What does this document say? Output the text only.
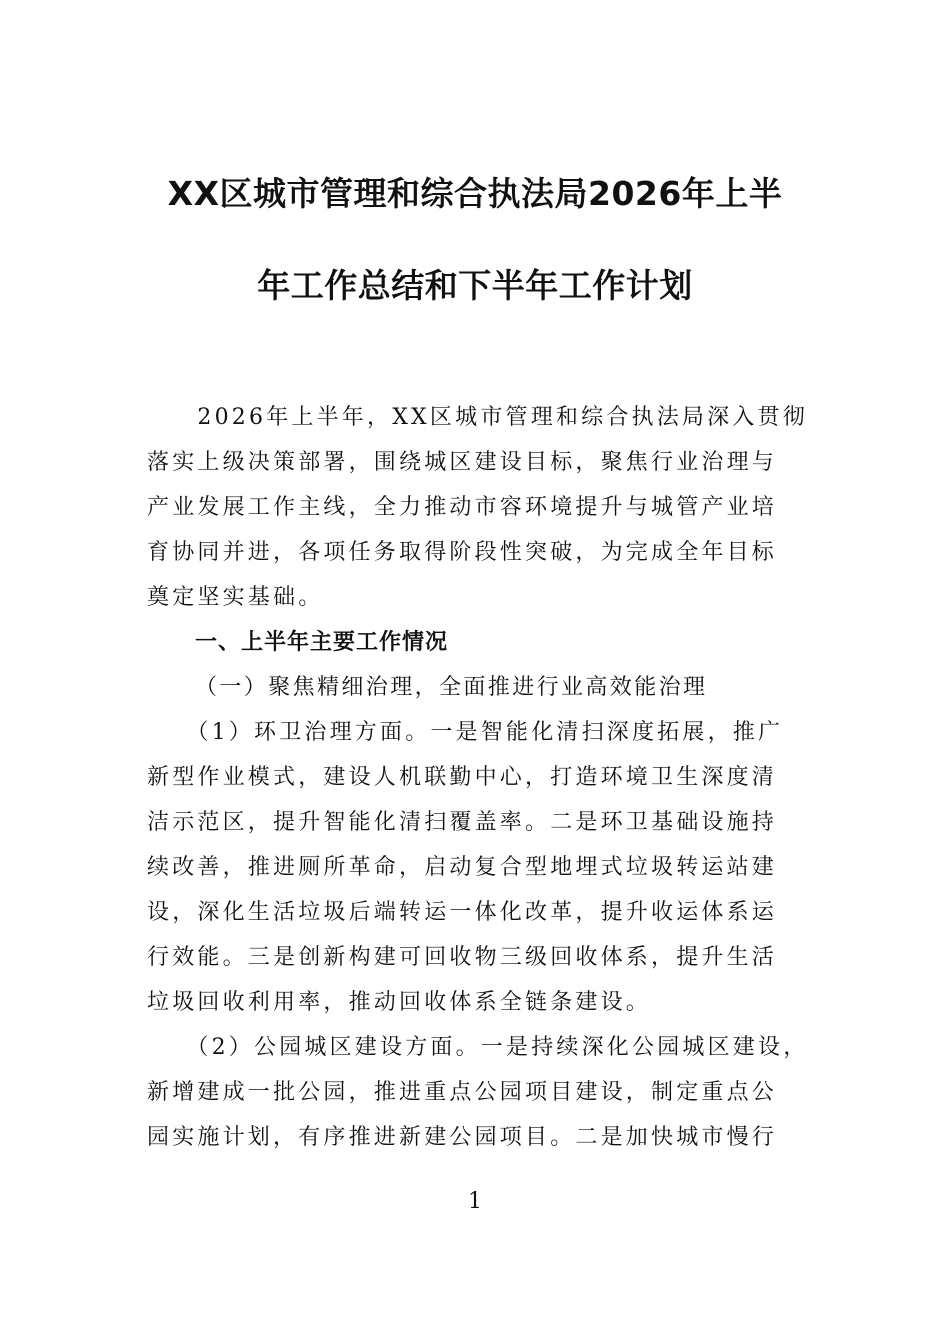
XX区城市管理和综合执法局2026年上半
年工作总结和下半年工作计划
　　2026年上半年，XX区城市管理和综合执法局深入贯彻
落实上级决策部署，围绕城区建设目标，聚焦行业治理与
产业发展工作主线，全力推动市容环境提升与城管产业培
育协同并进，各项任务取得阶段性突破，为完成全年目标
奠定坚实基础。
一、上半年主要工作情况
（一）聚焦精细治理，全面推进行业高效能治理
　　（1）环卫治理方面。一是智能化清扫深度拓展，推广
新型作业模式，建设人机联勤中心，打造环境卫生深度清
洁示范区，提升智能化清扫覆盖率。二是环卫基础设施持
续改善，推进厕所革命，启动复合型地埋式垃圾转运站建
设，深化生活垃圾后端转运一体化改革，提升收运体系运
行效能。三是创新构建可回收物三级回收体系，提升生活
垃圾回收利用率，推动回收体系全链条建设。
　　（2）公园城区建设方面。一是持续深化公园城区建设，
新增建成一批公园，推进重点公园项目建设，制定重点公
园实施计划，有序推进新建公园项目。二是加快城市慢行
1
